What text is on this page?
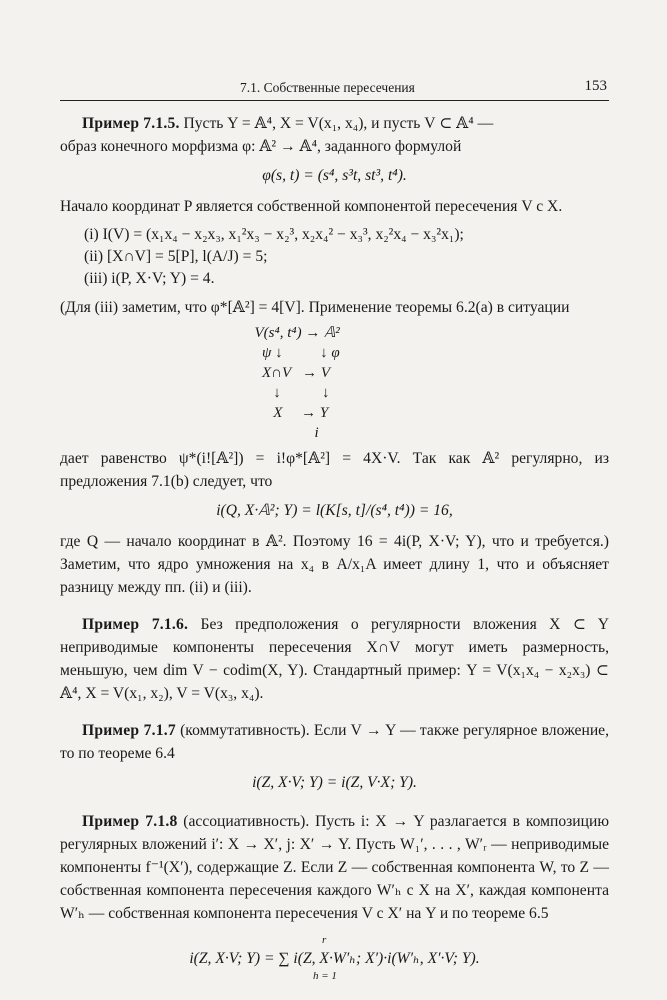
7.1. Собственные пересечения	153

Пример 7.1.5. Пусть Y = 𝔸⁴, X = V(x₁, x₄), и пусть V ⊂ 𝔸⁴ —

образ конечного морфизма φ: 𝔸² → 𝔸⁴, заданного формулой

φ(s, t) = (s⁴, s³t, st³, t⁴).

Начало координат P является собственной компонентой пересечения V с X.

(i) I(V) = (x₁x₄ − x₂x₃, x₁²x₃ − x₂³, x₂x₄² − x₃³, x₂²x₄ − x₃²x₁);
(ii) [X∩V] = 5[P], l(A/J) = 5;
(iii) i(P, X·V; Y) = 4.

(Для (iii) заметим, что φ*[𝔸²] = 4[V]. Применение теоремы 6.2(a) в ситуации

V(s⁴, t⁴) → 𝔸²
ψ ↓          ↓ φ
X∩V   → V
↓           ↓
X     → Y
i

дает равенство ψ*(i![𝔸²]) = i!φ*[𝔸²] = 4X·V. Так как 𝔸² регулярно, из предложения 7.1(b) следует, что

i(Q, X·𝔸²; Y) = l(K[s, t]/(s⁴, t⁴)) = 16,

где Q — начало координат в 𝔸². Поэтому 16 = 4i(P, X·V; Y), что и требуется.) Заметим, что ядро умножения на x₄ в A/x₁A имеет длину 1, что и объясняет разницу между пп. (ii) и (iii).

Пример 7.1.6. Без предположения о регулярности вложения X ⊂ Y неприводимые компоненты пересечения X∩V могут иметь размерность, меньшую, чем dim V − codim(X, Y). Стандартный пример: Y = V(x₁x₄ − x₂x₃) ⊂ 𝔸⁴, X = V(x₁, x₂), V = V(x₃, x₄).

Пример 7.1.7 (коммутативность). Если V → Y — также регулярное вложение, то по теореме 6.4

i(Z, X·V; Y) = i(Z, V·X; Y).

Пример 7.1.8 (ассоциативность). Пусть i: X → Y разлагается в композицию регулярных вложений i′: X → X′, j: X′ → Y. Пусть W₁′, . . . , W′ᵣ — неприводимые компоненты f⁻¹(X′), содержащие Z. Если Z — собственная компонента W, то Z — собственная компонента пересечения каждого W′ₕ с X на X′, каждая компонента W′ₕ — собственная компонента пересечения V с X′ на Y и по теореме 6.5

r
i(Z, X·V; Y) = ∑ i(Z, X·W′ₕ; X′)·i(W′ₕ, X′·V; Y).
h = 1
